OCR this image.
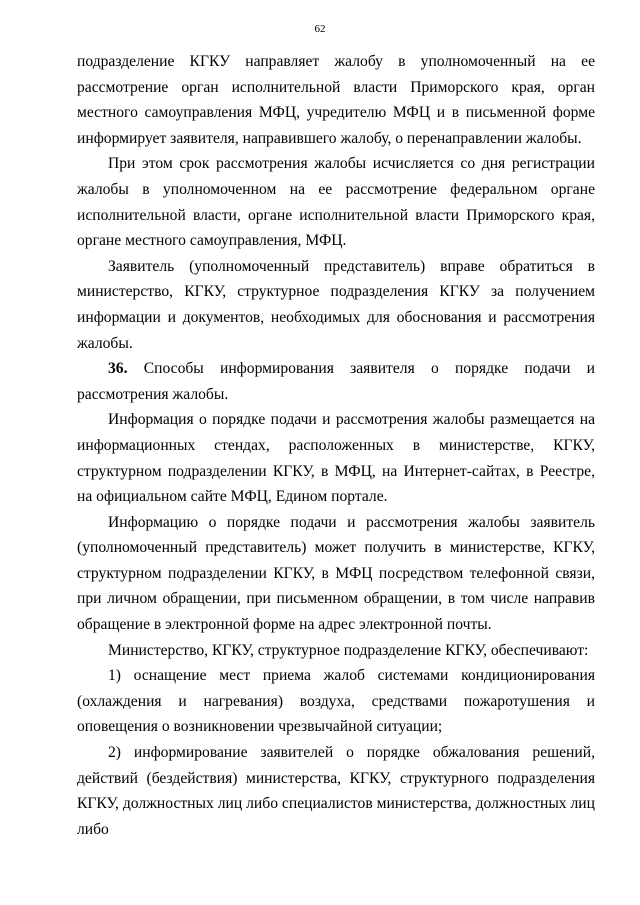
62

подразделение КГКУ направляет жалобу в уполномоченный на ее рассмотрение орган исполнительной власти Приморского края, орган местного самоуправления МФЦ, учредителю МФЦ и в письменной форме информирует заявителя, направившего жалобу, о перенаправлении жалобы.

При этом срок рассмотрения жалобы исчисляется со дня регистрации жалобы в уполномоченном на ее рассмотрение федеральном органе исполнительной власти, органе исполнительной власти Приморского края, органе местного самоуправления, МФЦ.

Заявитель (уполномоченный представитель) вправе обратиться в министерство, КГКУ, структурное подразделения КГКУ за получением информации и документов, необходимых для обоснования и рассмотрения жалобы.

36. Способы информирования заявителя о порядке подачи и рассмотрения жалобы.

Информация о порядке подачи и рассмотрения жалобы размещается на информационных стендах, расположенных в министерстве, КГКУ, структурном подразделении КГКУ, в МФЦ, на Интернет-сайтах, в Реестре, на официальном сайте МФЦ, Едином портале.

Информацию о порядке подачи и рассмотрения жалобы заявитель (уполномоченный представитель) может получить в министерстве, КГКУ, структурном подразделении КГКУ, в МФЦ посредством телефонной связи, при личном обращении, при письменном обращении, в том числе направив обращение в электронной форме на адрес электронной почты.

Министерство, КГКУ, структурное подразделение КГКУ, обеспечивают:

1) оснащение мест приема жалоб системами кондиционирования (охлаждения и нагревания) воздуха, средствами пожаротушения и оповещения о возникновении чрезвычайной ситуации;

2) информирование заявителей о порядке обжалования решений, действий (бездействия) министерства, КГКУ, структурного подразделения КГКУ, должностных лиц либо специалистов министерства, должностных лиц либо
